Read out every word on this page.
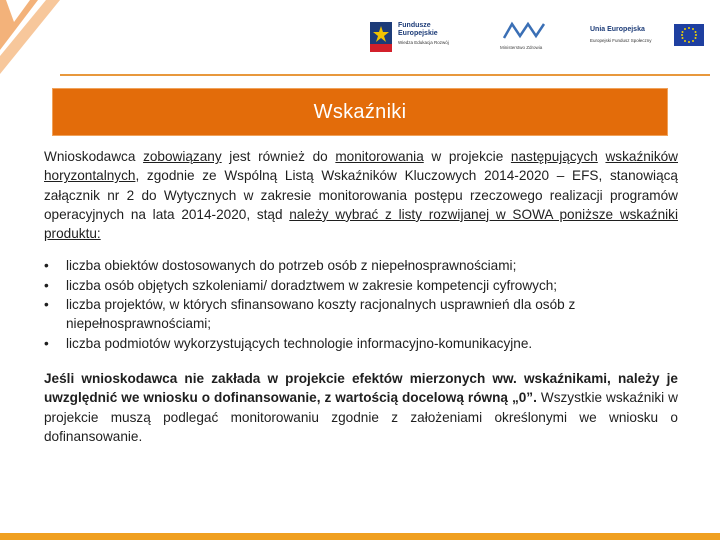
Fundusze
Europejskie
Wiedza Edukacja Rozwój
Ministerstwo Zdrowia
Unia Europejska
Europejski Fundusz Społeczny
Wskaźniki

Wnioskodawca zobowiązany jest również do monitorowania w projekcie następujących wskaźników horyzontalnych, zgodnie ze Wspólną Listą Wskaźników Kluczowych 2014-2020 – EFS, stanowiącą załącznik nr 2 do Wytycznych w zakresie monitorowania postępu rzeczowego realizacji programów operacyjnych na lata 2014-2020, stąd należy wybrać z listy rozwijanej w SOWA poniższe wskaźniki produktu:

• liczba obiektów dostosowanych do potrzeb osób z niepełnosprawnościami;
• liczba osób objętych szkoleniami/ doradztwem w zakresie kompetencji cyfrowych;
• liczba projektów, w których sfinansowano koszty racjonalnych usprawnień dla osób z niepełnosprawnościami;
• liczba podmiotów wykorzystujących technologie informacyjno-komunikacyjne.

Jeśli wnioskodawca nie zakłada w projekcie efektów mierzonych ww. wskaźnikami, należy je uwzględnić we wniosku o dofinansowanie, z wartością docelową równą „0”. Wszystkie wskaźniki w projekcie muszą podlegać monitorowaniu zgodnie z założeniami określonymi we wniosku o dofinansowanie.
